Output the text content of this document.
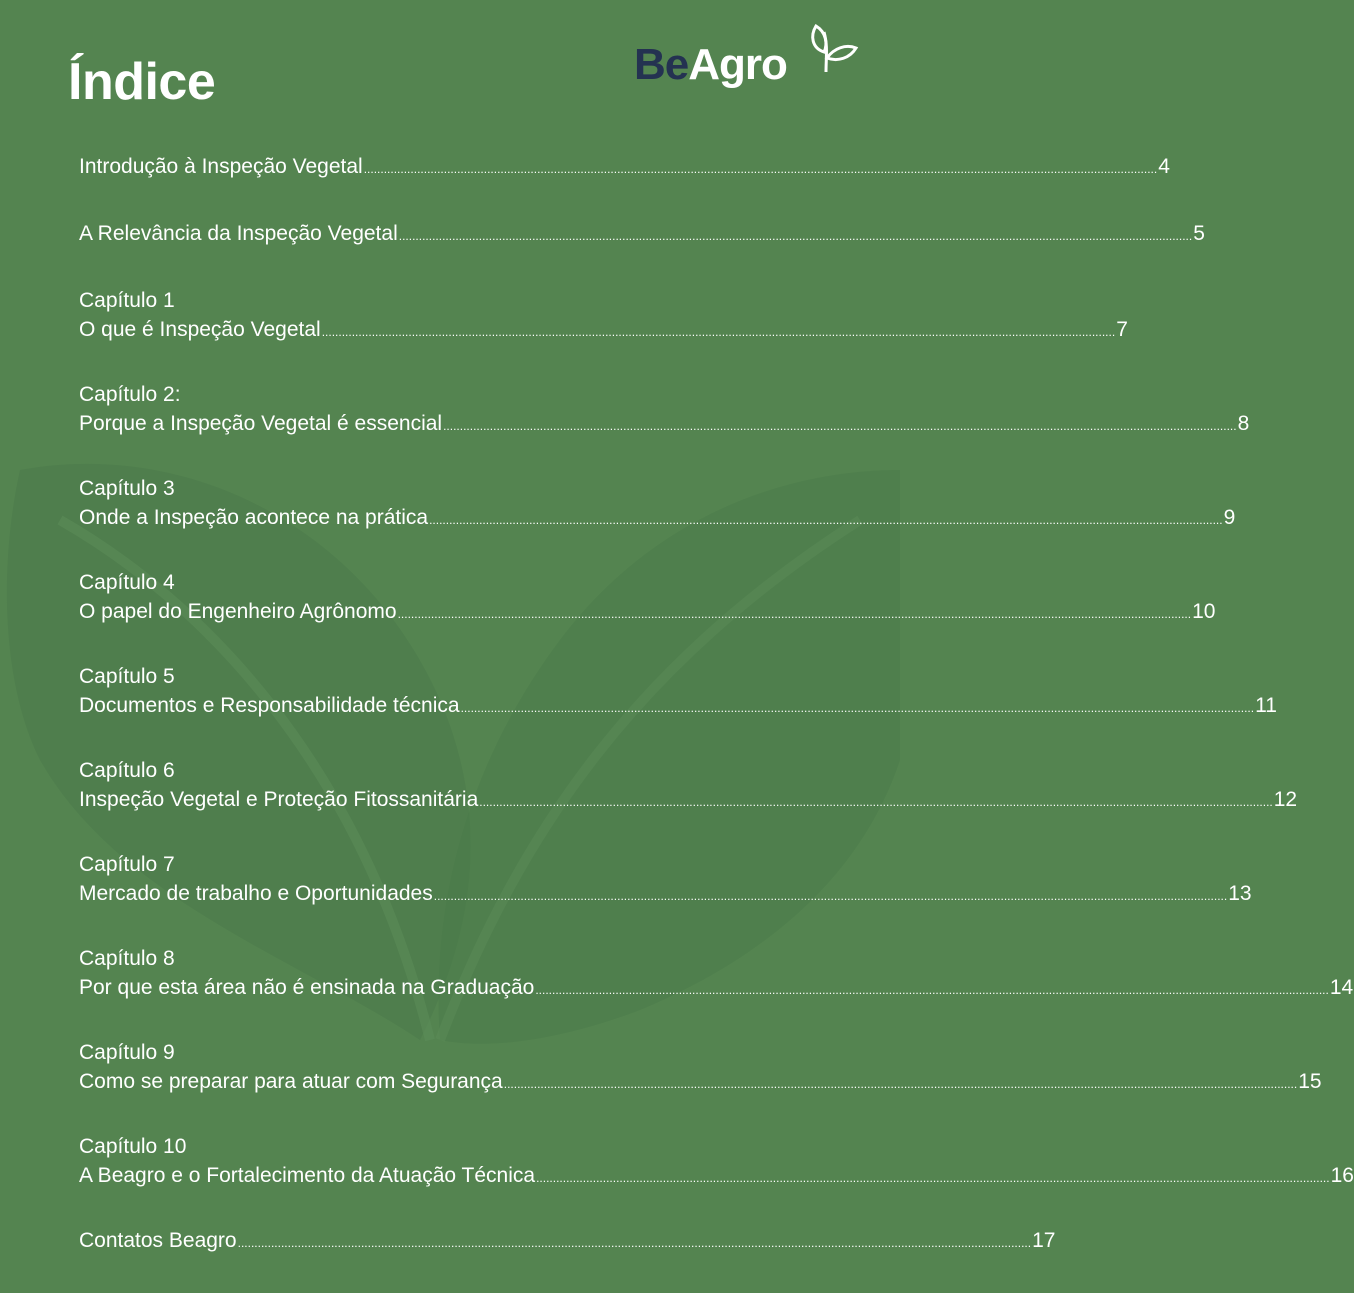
Índice	BeAgro
Introdução à Inspeção Vegetal .....	4
A Relevância da Inspeção Vegetal .....	5
Capítulo 1
O que é Inspeção Vegetal .....	7
Capítulo 2:
Porque a Inspeção Vegetal é essencial .....	8
Capítulo 3
Onde a Inspeção acontece na prática .....	9
Capítulo 4
O papel do Engenheiro Agrônomo .....	10
Capítulo 5
Documentos e Responsabilidade técnica .....	11
Capítulo 6
Inspeção Vegetal e Proteção Fitossanitária .....	12
Capítulo 7
Mercado de trabalho e Oportunidades .....	13
Capítulo 8
Por que esta área não é ensinada na Graduação .....	14
Capítulo 9
Como se preparar para atuar com Segurança .....	15
Capítulo 10
A Beagro e o Fortalecimento da Atuação Técnica .....	16
Contatos Beagro .....	17
